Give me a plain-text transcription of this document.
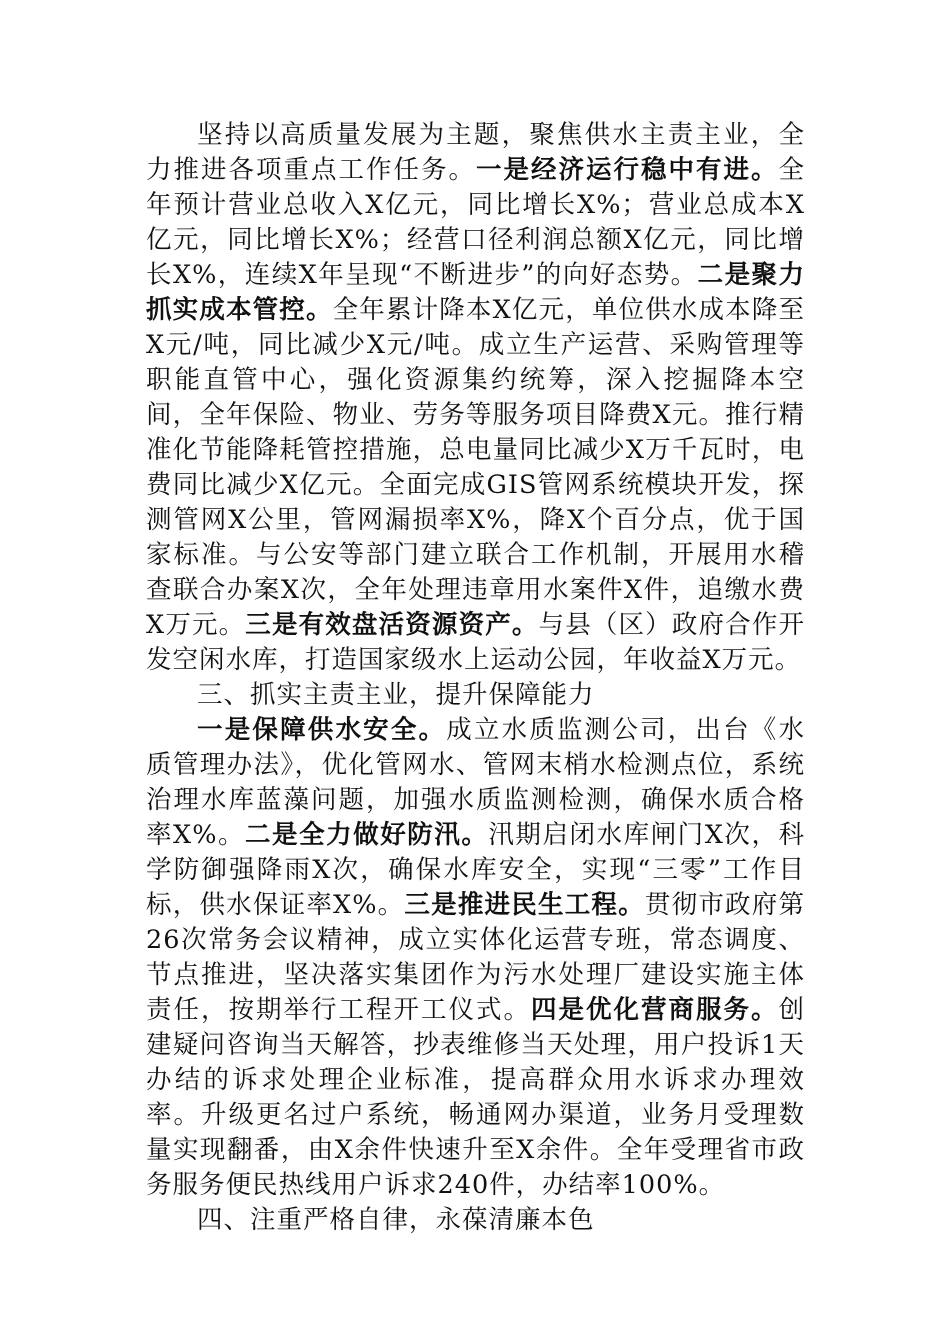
坚持以高质量发展为主题，聚焦供水主责主业，全力推进各项重点工作任务。一是经济运行稳中有进。全年预计营业总收入X亿元，同比增长X%；营业总成本X亿元，同比增长X%；经营口径利润总额X亿元，同比增长X%，连续X年呈现“不断进步”的向好态势。二是聚力抓实成本管控。全年累计降本X亿元，单位供水成本降至X元/吨，同比减少X元/吨。成立生产运营、采购管理等职能直管中心，强化资源集约统筹，深入挖掘降本空间，全年保险、物业、劳务等服务项目降费X元。推行精准化节能降耗管控措施，总电量同比减少X万千瓦时，电费同比减少X亿元。全面完成GIS管网系统模块开发，探测管网X公里，管网漏损率X%，降X个百分点，优于国家标准。与公安等部门建立联合工作机制，开展用水稽查联合办案X次，全年处理违章用水案件X件，追缴水费X万元。三是有效盘活资源资产。与县（区）政府合作开发空闲水库，打造国家级水上运动公园，年收益X万元。

三、抓实主责主业，提升保障能力

一是保障供水安全。成立水质监测公司，出台《水质管理办法》，优化管网水、管网末梢水检测点位，系统治理水库蓝藻问题，加强水质监测检测，确保水质合格率X%。二是全力做好防汛。汛期启闭水库闸门X次，科学防御强降雨X次，确保水库安全，实现“三零”工作目标，供水保证率X%。三是推进民生工程。贯彻市政府第26次常务会议精神，成立实体化运营专班，常态调度、节点推进，坚决落实集团作为污水处理厂建设实施主体责任，按期举行工程开工仪式。四是优化营商服务。创建疑问咨询当天解答，抄表维修当天处理，用户投诉1天办结的诉求处理企业标准，提高群众用水诉求办理效率。升级更名过户系统，畅通网办渠道，业务月受理数量实现翻番，由X余件快速升至X余件。全年受理省市政务服务便民热线用户诉求240件，办结率100%。

四、注重严格自律，永葆清廉本色
